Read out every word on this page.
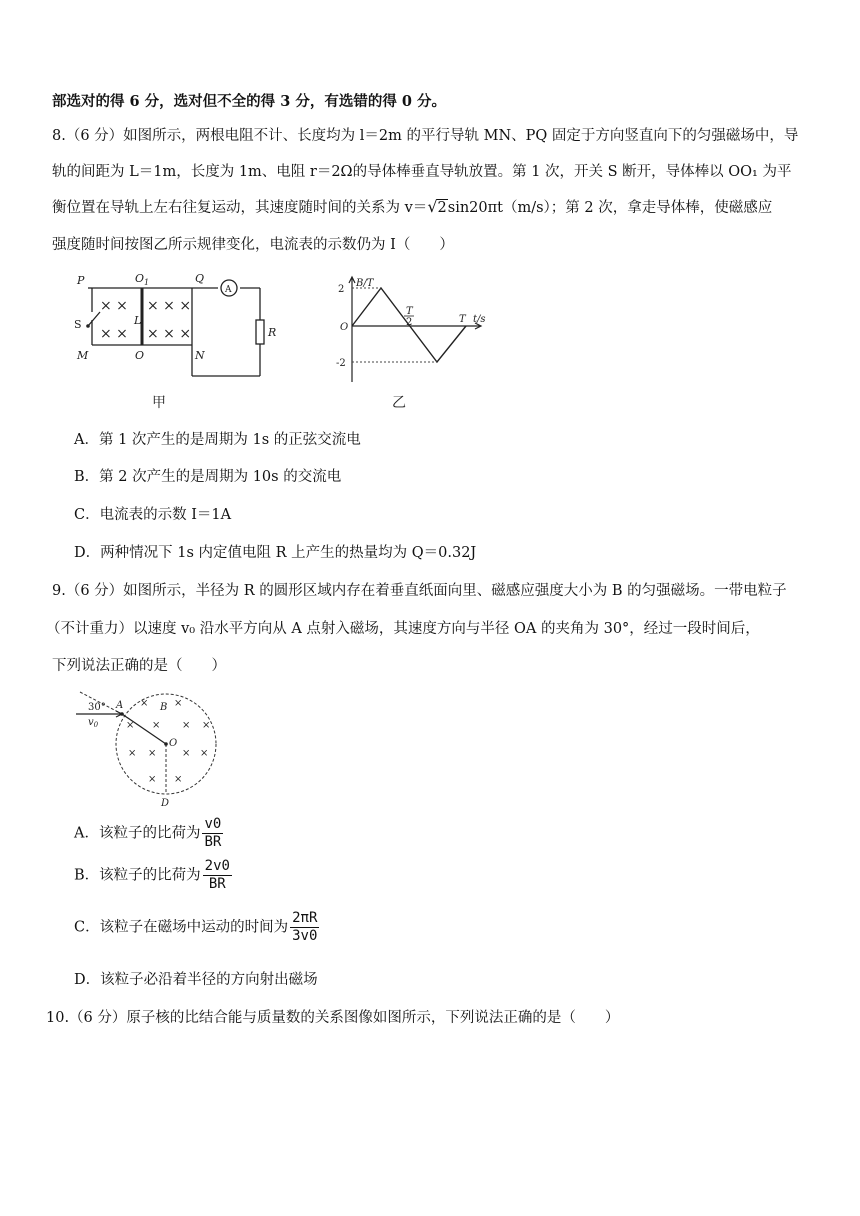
部选对的得 6 分，选对但不全的得 3 分，有选错的得 0 分。
8.（6 分）如图所示，两根电阻不计、长度均为 l＝2m 的平行导轨 MN、PQ 固定于方向竖直向下的匀强磁场中，导
轨的间距为 L＝1m，长度为 1m、电阻 r＝2Ω的导体棒垂直导轨放置。第 1 次，开关 S 断开，导体棒以 OO₁ 为平
衡位置在导轨上左右往复运动，其速度随时间的关系为 v＝√2sin20πt（m/s）；第 2 次，拿走导体棒，使磁感应
强度随时间按图乙所示规律变化，电流表的示数仍为 I（　　）
× × × × ×
× × × × ×
P	$O_1$	Q
A
S	L
R
M	O	N
甲
B/T
2
O
-2
T
2	T t/s
乙
A．第 1 次产生的是周期为 1s 的正弦交流电
B．第 2 次产生的是周期为 10s 的交流电
C．电流表的示数 I＝1A
D．两种情况下 1s 内定值电阻 R 上产生的热量均为 Q＝0.32J
9.（6 分）如图所示，半径为 R 的圆形区域内存在着垂直纸面向里、磁感应强度大小为 B 的匀强磁场。一带电粒子
（不计重力）以速度 v₀ 沿水平方向从 A 点射入磁场，其速度方向与半径 OA 的夹角为 30°，经过一段时间后，
下列说法正确的是（　　）
×	×
× × × ×
× ×	× ×
× ×
30° A
$v_0$
B
O
D
A．该粒子的比荷为 $\frac{v0}{BR}$
B．该粒子的比荷为 $\frac{2v0}{BR}$
C．该粒子在磁场中运动的时间为 $\frac{2\pi R}{3v0}$
D．该粒子必沿着半径的方向射出磁场
10.（6 分）原子核的比结合能与质量数的关系图像如图所示，下列说法正确的是（　　）
